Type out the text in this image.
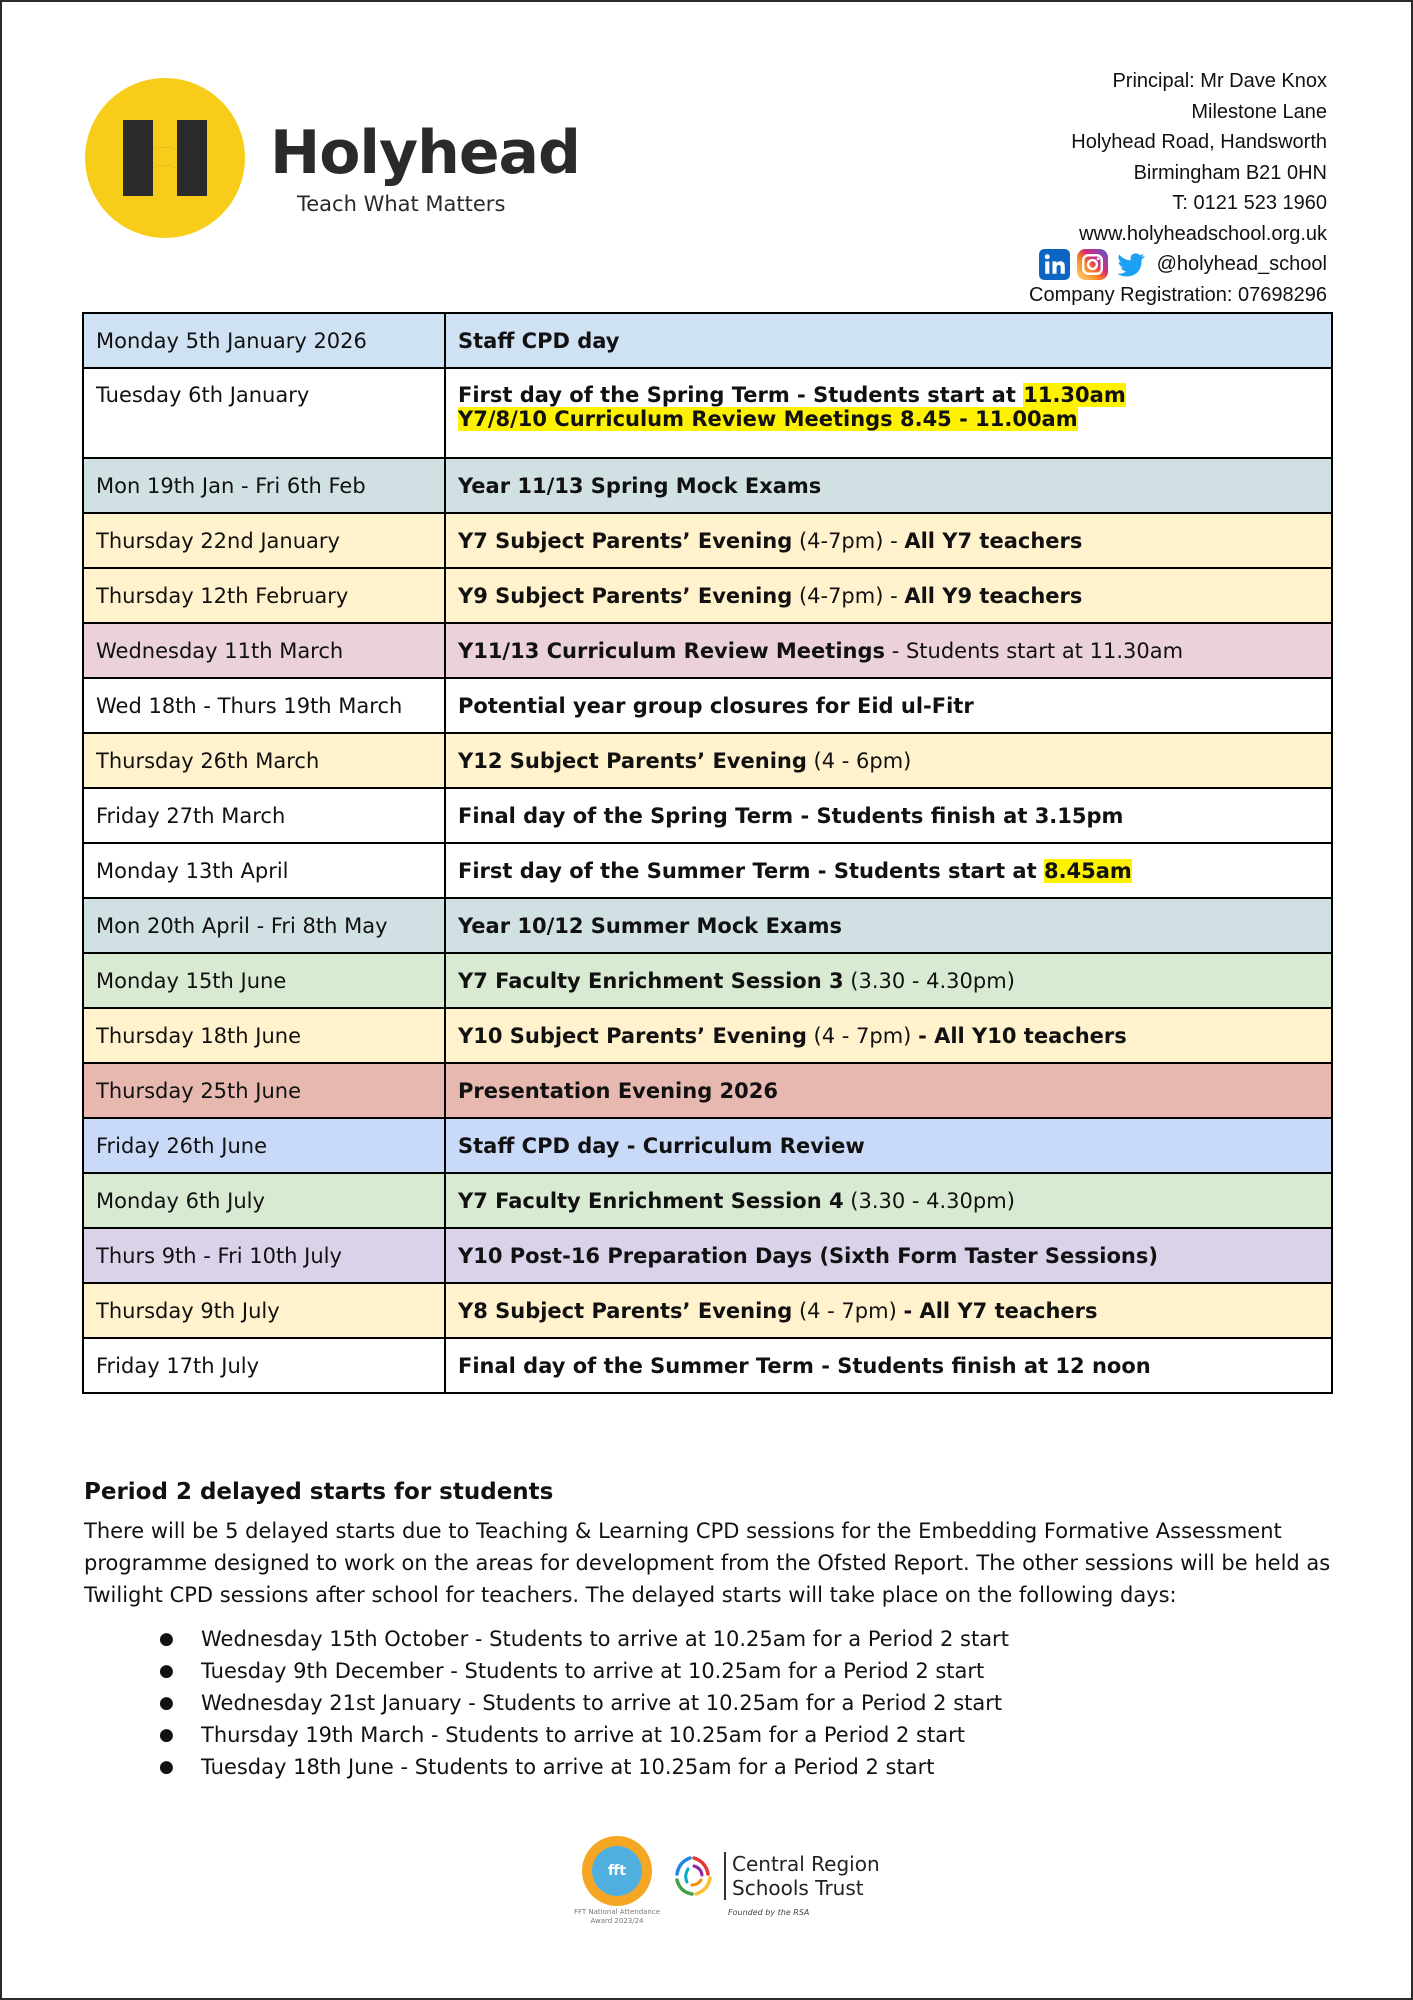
Holyhead
Teach What Matters
Principal: Mr Dave Knox
Milestone Lane
Holyhead Road, Handsworth
Birmingham B21 0HN
T: 0121 523 1960
www.holyheadschool.org.uk
@holyhead_school
Company Registration: 07698296
Monday 5th January 2026	Staff CPD day
Tuesday 6th January	First day of the Spring Term - Students start at 11.30am
Y7/8/10 Curriculum Review Meetings 8.45 - 11.00am
Mon 19th Jan - Fri 6th Feb	Year 11/13 Spring Mock Exams
Thursday 22nd January	Y7 Subject Parents’ Evening (4-7pm) - All Y7 teachers
Thursday 12th February	Y9 Subject Parents’ Evening (4-7pm) - All Y9 teachers
Wednesday 11th March	Y11/13 Curriculum Review Meetings - Students start at 11.30am
Wed 18th - Thurs 19th March	Potential year group closures for Eid ul-Fitr
Thursday 26th March	Y12 Subject Parents’ Evening (4 - 6pm)
Friday 27th March	Final day of the Spring Term - Students finish at 3.15pm
Monday 13th April	First day of the Summer Term - Students start at 8.45am
Mon 20th April - Fri 8th May	Year 10/12 Summer Mock Exams
Monday 15th June	Y7 Faculty Enrichment Session 3 (3.30 - 4.30pm)
Thursday 18th June	Y10 Subject Parents’ Evening (4 - 7pm) - All Y10 teachers
Thursday 25th June	Presentation Evening 2026
Friday 26th June	Staff CPD day - Curriculum Review
Monday 6th July	Y7 Faculty Enrichment Session 4 (3.30 - 4.30pm)
Thurs 9th - Fri 10th July	Y10 Post-16 Preparation Days (Sixth Form Taster Sessions)
Thursday 9th July	Y8 Subject Parents’ Evening (4 - 7pm) - All Y7 teachers
Friday 17th July	Final day of the Summer Term - Students finish at 12 noon
Period 2 delayed starts for students

There will be 5 delayed starts due to Teaching & Learning CPD sessions for the Embedding Formative Assessment programme designed to work on the areas for development from the Ofsted Report. The other sessions will be held as Twilight CPD sessions after school for teachers. The delayed starts will take place on the following days:

● Wednesday 15th October - Students to arrive at 10.25am for a Period 2 start
● Tuesday 9th December - Students to arrive at 10.25am for a Period 2 start
● Wednesday 21st January - Students to arrive at 10.25am for a Period 2 start
● Thursday 19th March - Students to arrive at 10.25am for a Period 2 start
● Tuesday 18th June - Students to arrive at 10.25am for a Period 2 start
fft
FFT National Attendance Award 2023/24
Central Region
Schools Trust
Founded by the RSA
